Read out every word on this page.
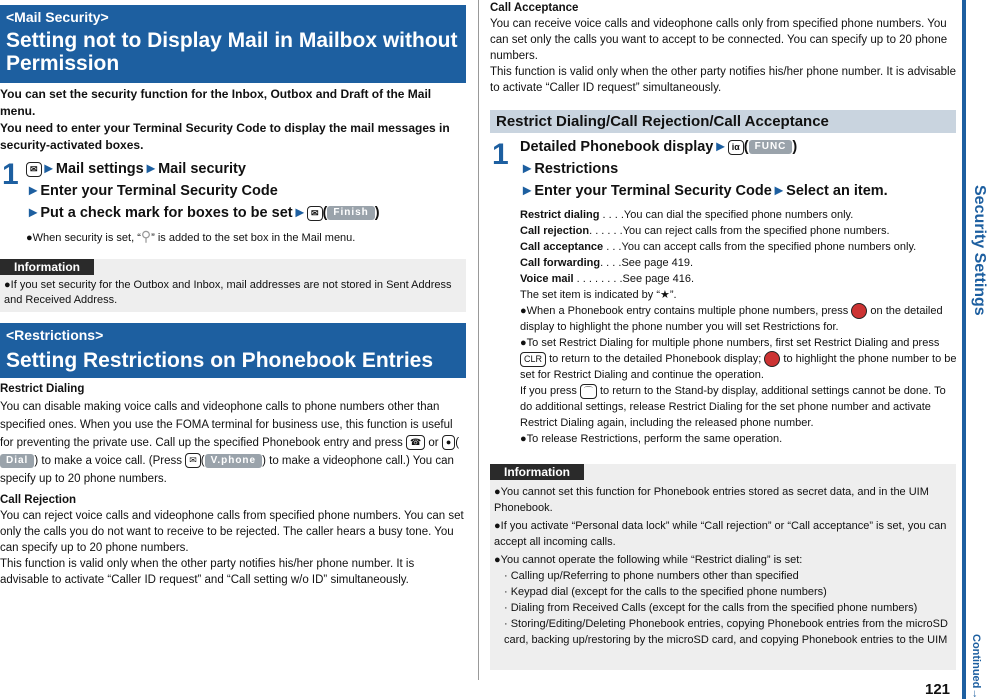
<Mail Security>
Setting not to Display Mail in Mailbox without Permission
You can set the security function for the Inbox, Outbox and Draft of the Mail menu.
You need to enter your Terminal Security Code to display the mail messages in security-activated boxes.
1	✉ ►Mail settings►Mail security
►Enter your Terminal Security Code
►Put a check mark for boxes to be set► ✉ ( Finish )
●When security is set, “⚲” is added to the set box in the Mail menu.
Information
●If you set security for the Outbox and Inbox, mail addresses are not stored in Sent Address and Received Address.
<Restrictions>
Setting Restrictions on Phonebook Entries
Restrict Dialing
You can disable making voice calls and videophone calls to phone numbers other than specified ones. When you use the FOMA terminal for business use, this function is useful for preventing the private use. Call up the specified Phonebook entry and press ☎ or ● (Dial ) to make a voice call. (Press ✉ ( V.phone ) to make a videophone call.) You can specify up to 20 phone numbers.
Call Rejection
You can reject voice calls and videophone calls from specified phone numbers. You can set only the calls you do not want to receive to be rejected. The caller hears a busy tone. You can specify up to 20 phone numbers.
This function is valid only when the other party notifies his/her phone number. It is advisable to activate “Caller ID request” and “Call setting w/o ID” simultaneously.
Call Acceptance
You can receive voice calls and videophone calls only from specified phone numbers. You can set only the calls you want to accept to be connected. You can specify up to 20 phone numbers.
This function is valid only when the other party notifies his/her phone number. It is advisable to activate “Caller ID request” simultaneously.
Restrict Dialing/Call Rejection/Call Acceptance
1 Detailed Phonebook display► iα ( FUNC )
►Restrictions
►Enter your Terminal Security Code►Select an item.
Restrict dialing . . . .You can dial the specified phone numbers only.
Call rejection. . . . . .You can reject calls from the specified phone numbers.
Call acceptance . . .You can accept calls from the specified phone numbers only.
Call forwarding. . . .See page 419.
Voice mail . . . . . . . .See page 416.
The set item is indicated by “★”.
●When a Phonebook entry contains multiple phone numbers, press on the detailed display to highlight the phone number you will set Restrictions for.
●To set Restrict Dialing for multiple phone numbers, first set Restrict Dialing and press CLR to return to the detailed Phonebook display; to highlight the phone number to be set for Restrict Dialing and continue the operation.
If you press ⌒ to return to the Stand-by display, additional settings cannot be done. To do additional settings, release Restrict Dialing for the set phone number and activate Restrict Dialing again, including the released phone number.
●To release Restrictions, perform the same operation.
Information
●You cannot set this function for Phonebook entries stored as secret data, and in the UIM Phonebook.
●If you activate “Personal data lock” while “Call rejection” or “Call acceptance” is set, you can accept all incoming calls.
●You cannot operate the following while “Restrict dialing” is set:
· Calling up/Referring to phone numbers other than specified
· Keypad dial (except for the calls to the specified phone numbers)
· Dialing from Received Calls (except for the calls from the specified phone numbers)
· Storing/Editing/Deleting Phonebook entries, copying Phonebook entries from the microSD card, backing up/restoring by the microSD card, and copying Phonebook entries to the UIM
Security Settings
Continued→
121
